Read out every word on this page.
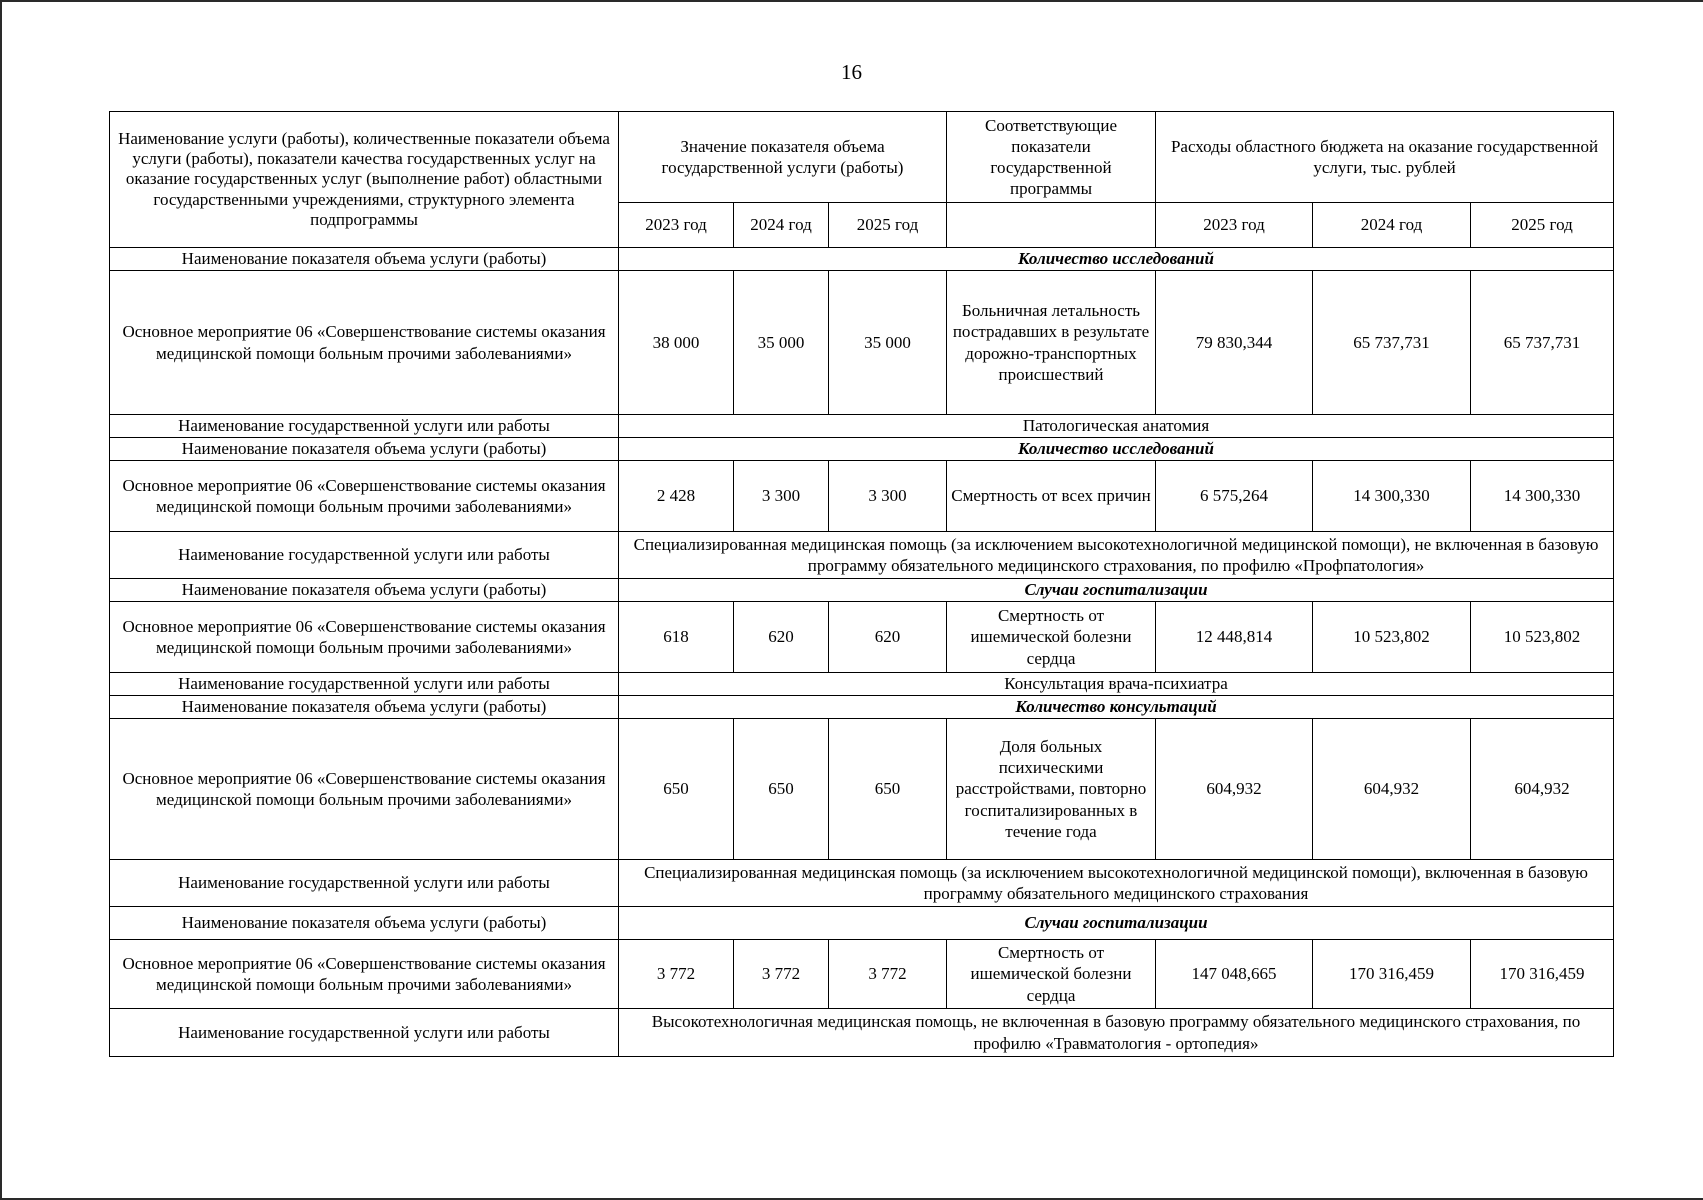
16
Наименование услуги (работы), количественные показатели объема услуги (работы), показатели качества государственных услуг на оказание государственных услуг (выполнение работ) областными государственными учреждениями, структурного элемента подпрограммы	Значение показателя объема государственной услуги (работы)			Соответствующие показатели государственной программы	Расходы областного бюджета на оказание государственной услуги, тыс. рублей		
	2023 год	2024 год	2025 год		2023 год	2024 год	2025 год
Наименование показателя объема услуги (работы)	Количество исследований						
Основное мероприятие 06 «Совершенствование системы оказания медицинской помощи больным прочими заболеваниями»	38 000	35 000	35 000	Больничная летальность пострадавших в результате дорожно-транспортных происшествий	79 830,344	65 737,731	65 737,731
Наименование государственной услуги или работы	Патологическая анатомия						
Наименование показателя объема услуги (работы)	Количество исследований						
Основное мероприятие 06 «Совершенствование системы оказания медицинской помощи больным прочими заболеваниями»	2 428	3 300	3 300	Смертность от всех причин	6 575,264	14 300,330	14 300,330
Наименование государственной услуги или работы	Специализированная медицинская помощь (за исключением высокотехнологичной медицинской помощи), не включенная в базовую программу обязательного медицинского страхования, по профилю «Профпатология»						
Наименование показателя объема услуги (работы)	Случаи госпитализации						
Основное мероприятие 06 «Совершенствование системы оказания медицинской помощи больным прочими заболеваниями»	618	620	620	Смертность от ишемической болезни сердца	12 448,814	10 523,802	10 523,802
Наименование государственной услуги или работы	Консультация врача-психиатра						
Наименование показателя объема услуги (работы)	Количество консультаций						
Основное мероприятие 06 «Совершенствование системы оказания медицинской помощи больным прочими заболеваниями»	650	650	650	Доля больных психическими расстройствами, повторно госпитализированных в течение года	604,932	604,932	604,932
Наименование государственной услуги или работы	Специализированная медицинская помощь (за исключением высокотехнологичной медицинской помощи), включенная в базовую программу обязательного медицинского страхования						
Наименование показателя объема услуги (работы)	Случаи госпитализации						
Основное мероприятие 06 «Совершенствование системы оказания медицинской помощи больным прочими заболеваниями»	3 772	3 772	3 772	Смертность от ишемической болезни сердца	147 048,665	170 316,459	170 316,459
Наименование государственной услуги или работы	Высокотехнологичная медицинская помощь, не включенная в базовую программу обязательного медицинского страхования, по профилю «Травматология - ортопедия»						
